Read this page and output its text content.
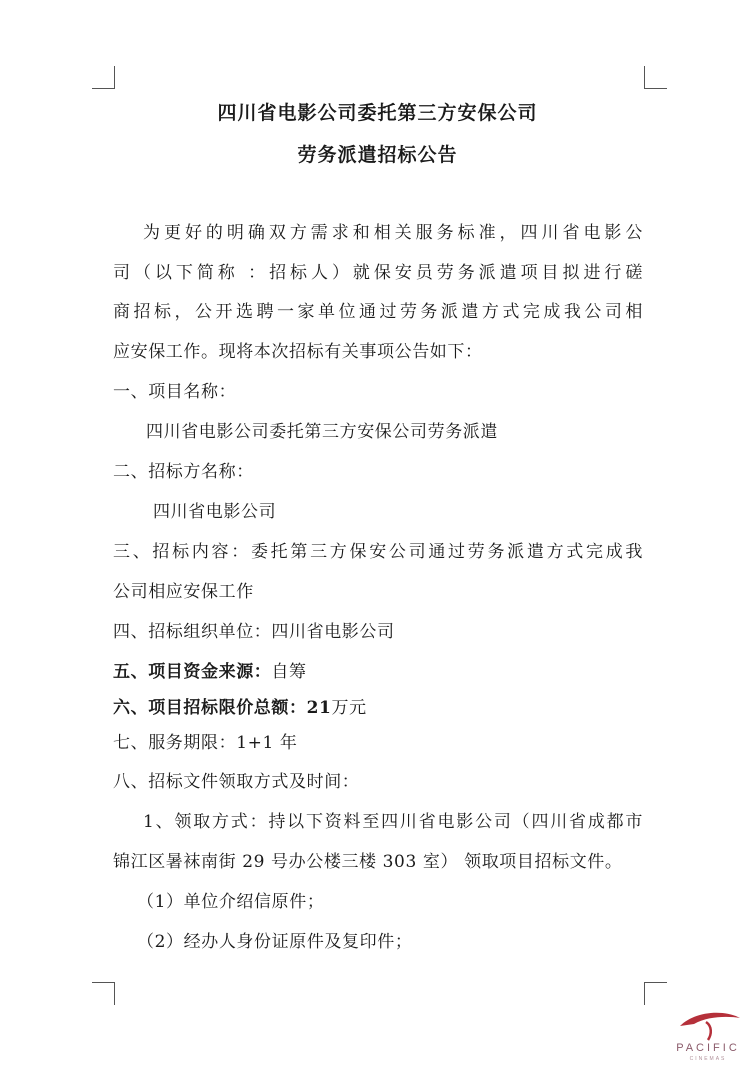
四川省电影公司委托第三方安保公司
劳务派遣招标公告
为更好的明确双方需求和相关服务标准，四川省电影公
司（以下简称 ：招标人）就保安员劳务派遣项目拟进行磋
商招标，公开选聘一家单位通过劳务派遣方式完成我公司相
应安保工作。现将本次招标有关事项公告如下：
一、项目名称：
四川省电影公司委托第三方安保公司劳务派遣
二、招标方名称：
四川省电影公司
三、招标内容：委托第三方保安公司通过劳务派遣方式完成我
公司相应安保工作
四、招标组织单位：四川省电影公司
五、项目资金来源：自筹
六、项目招标限价总额：21万元
七、服务期限：1+1 年
八、招标文件领取方式及时间：
1、领取方式：持以下资料至四川省电影公司（四川省成都市
锦江区暑袜南街 29 号办公楼三楼 303 室） 领取项目招标文件。
（1）单位介绍信原件；
（2）经办人身份证原件及复印件；
PACIFIC
CINEMAS
